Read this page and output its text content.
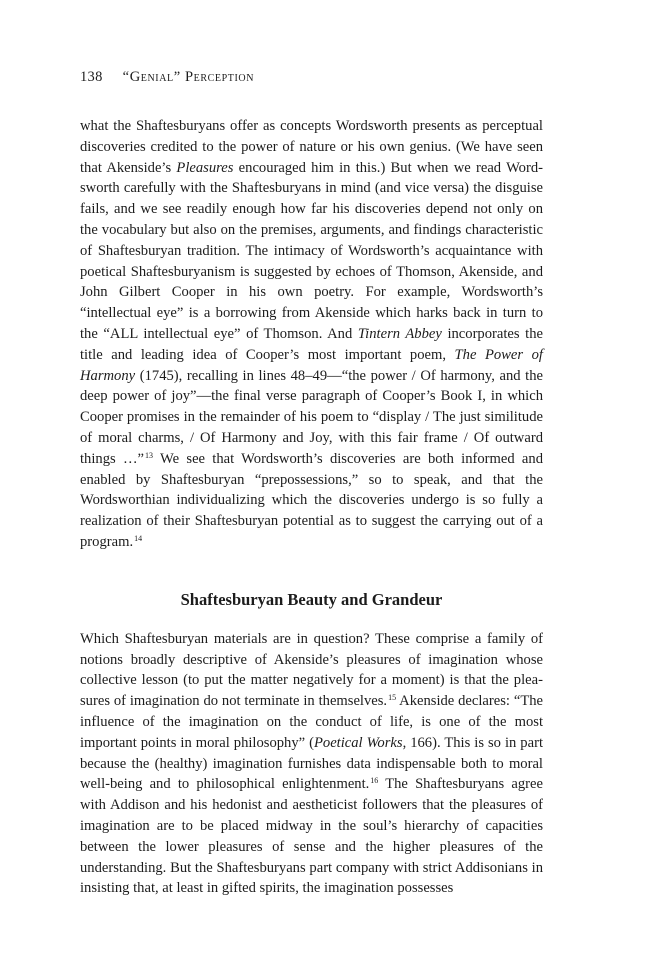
138 “Genial” Perception

what the Shaftesburyans offer as concepts Wordsworth presents as perceptual discoveries credited to the power of nature or his own genius. (We have seen that Akenside’s Pleasures encouraged him in this.) But when we read Wordsworth carefully with the Shaftesburyans in mind (and vice versa) the disguise fails, and we see readily enough how far his discoveries depend not only on the vocabulary but also on the premises, arguments, and findings characteristic of Shaftesburyan tradition. The intimacy of Wordsworth’s acquaintance with poetical Shaftesburyanism is suggested by echoes of Thomson, Akenside, and John Gilbert Cooper in his own poetry. For example, Wordsworth’s “intellectual eye” is a borrowing from Akenside which harks back in turn to the “ALL intellectual eye” of Thomson. And Tintern Abbey incorporates the title and leading idea of Cooper’s most important poem, The Power of Harmony (1745), recalling in lines 48–49—“the power / Of harmony, and the deep power of joy”—the final verse paragraph of Cooper’s Book I, in which Cooper promises in the remainder of his poem to “display / The just similitude of moral charms, / Of Harmony and Joy, with this fair frame / Of outward things …”$^{13}$ We see that Wordsworth’s discoveries are both informed and enabled by Shaftesburyan “prepossessions,” so to speak, and that the Wordsworthian individualizing which the discoveries undergo is so fully a realization of their Shaftesburyan potential as to suggest the carrying out of a program.$^{14}$

Shaftesburyan Beauty and Grandeur

Which Shaftesburyan materials are in question? These comprise a family of notions broadly descriptive of Akenside’s pleasures of imagination whose collective lesson (to put the matter negatively for a moment) is that the pleasures of imagination do not terminate in themselves.$^{15}$ Akenside declares: “The influence of the imagination on the conduct of life, is one of the most important points in moral philosophy” (Poetical Works, 166). This is so in part because the (healthy) imagination furnishes data indispensable both to moral well-being and to philosophical enlightenment.$^{16}$ The Shaftesburyans agree with Addison and his hedonist and aestheticist followers that the pleasures of imagination are to be placed midway in the soul’s hierarchy of capacities between the lower pleasures of sense and the higher pleasures of the understanding. But the Shaftesburyans part company with strict Addisonians in insisting that, at least in gifted spirits, the imagination possesses
